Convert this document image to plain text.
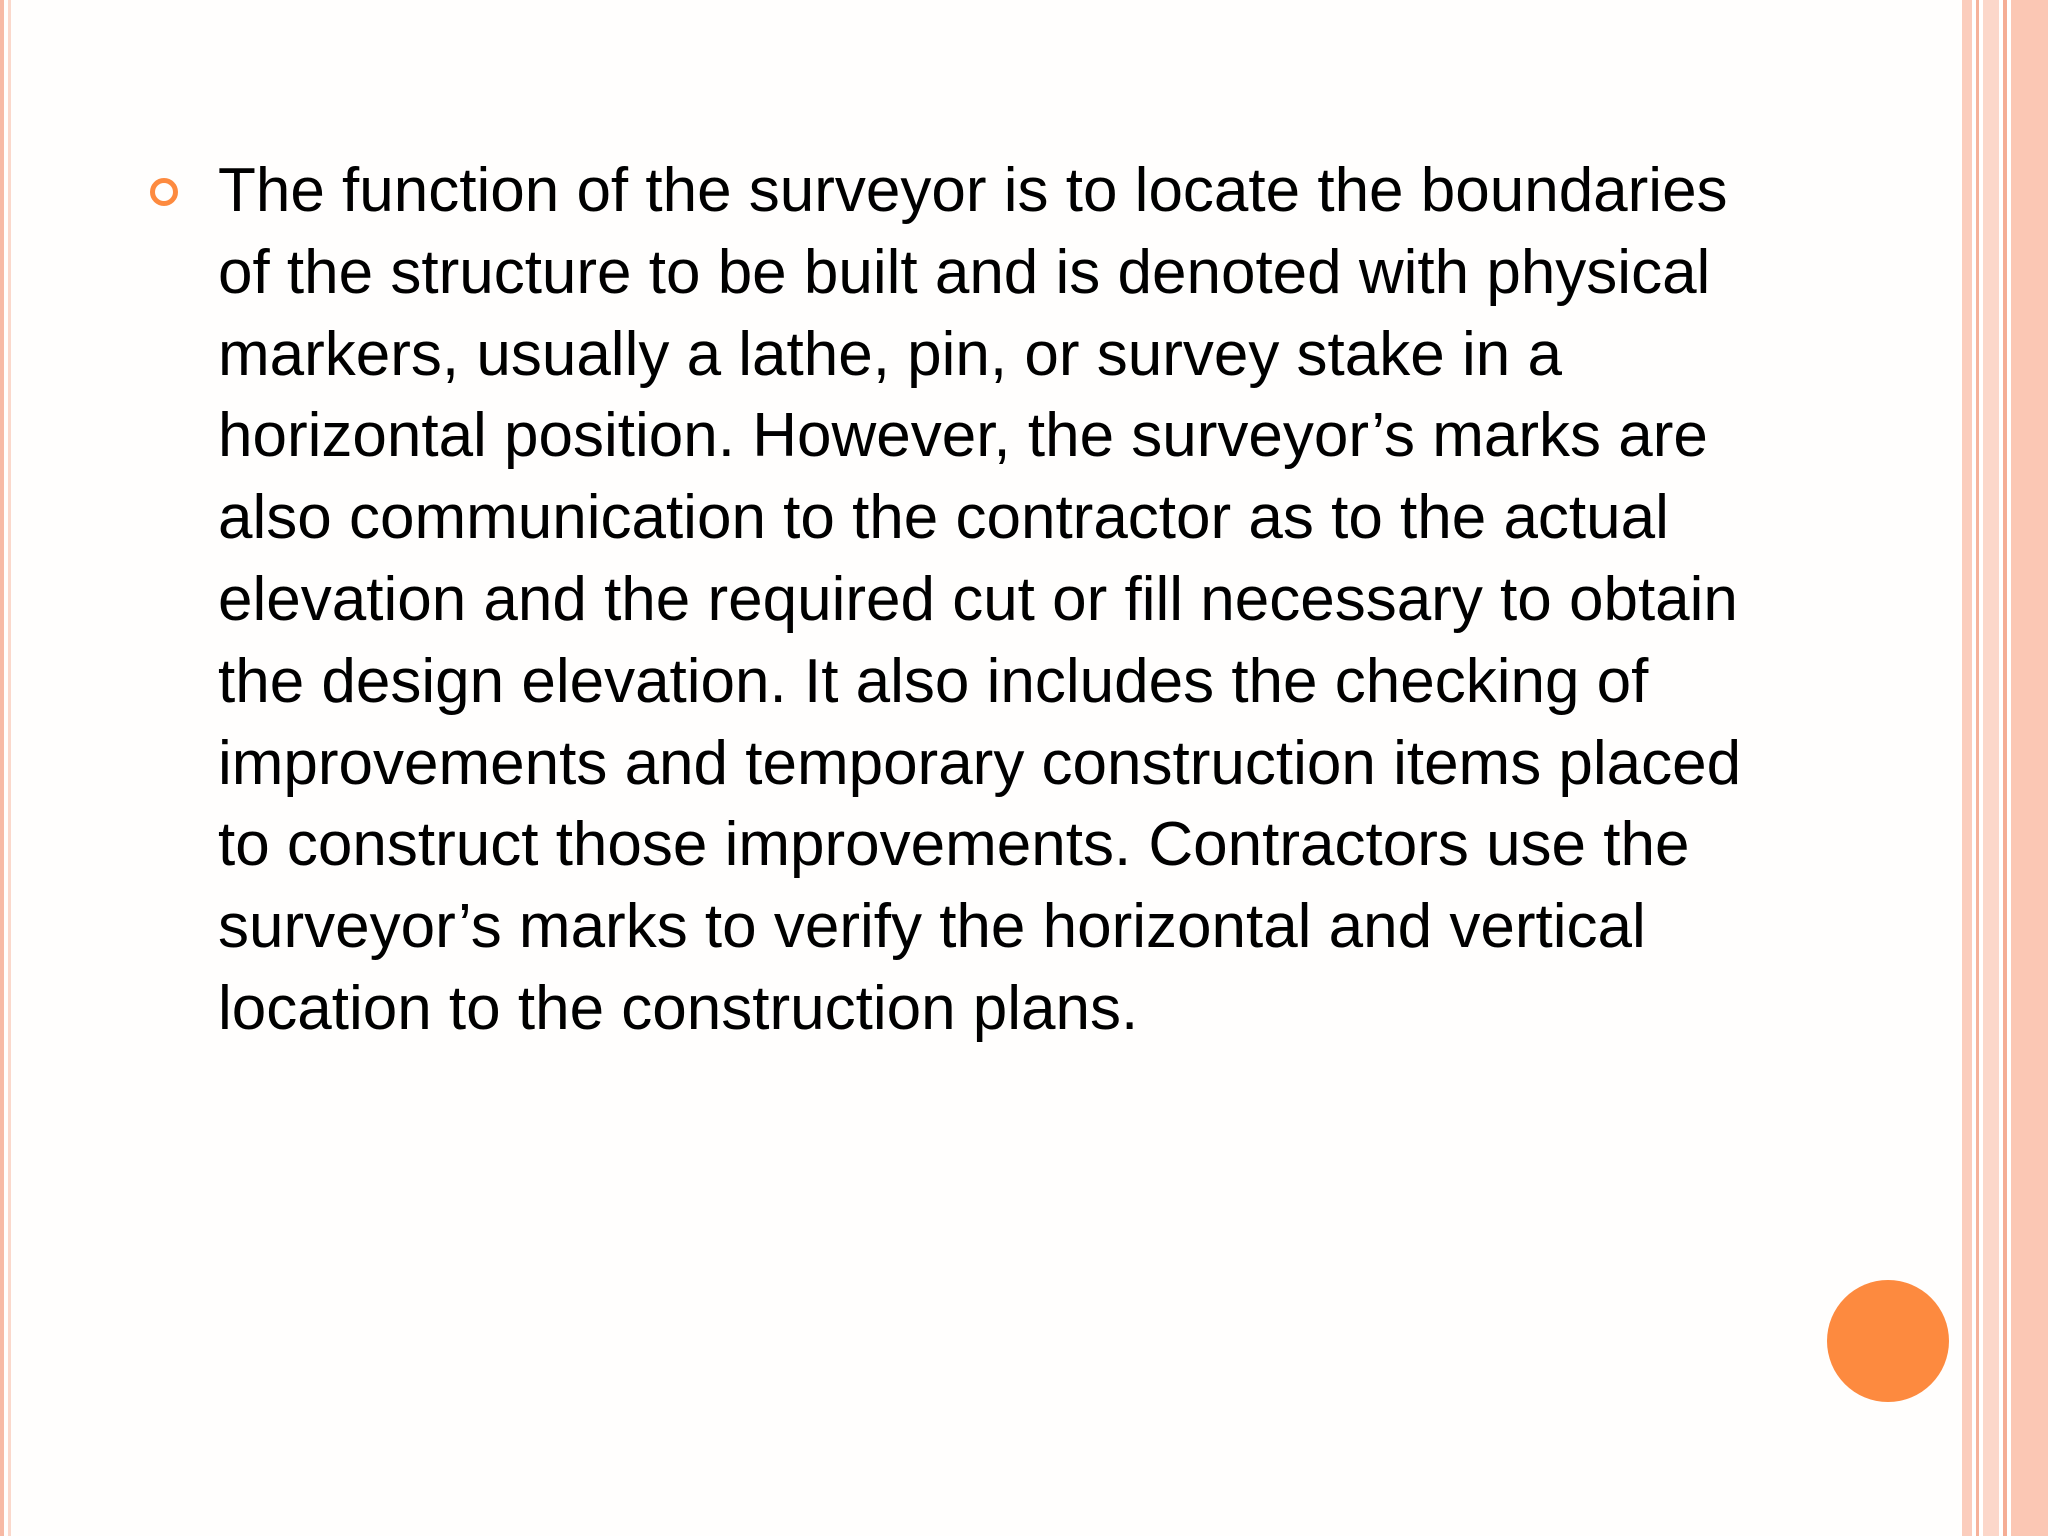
The function of the surveyor is to locate the boundaries of the structure to be built and is denoted with physical markers, usually a lathe, pin, or survey stake in a horizontal position. However, the surveyor’s marks are also communication to the contractor as to the actual elevation and the required cut or fill necessary to obtain the design elevation. It also includes the checking of improvements and temporary construction items placed to construct those improvements. Contractors use the surveyor’s marks to verify the horizontal and vertical location to the construction plans.
